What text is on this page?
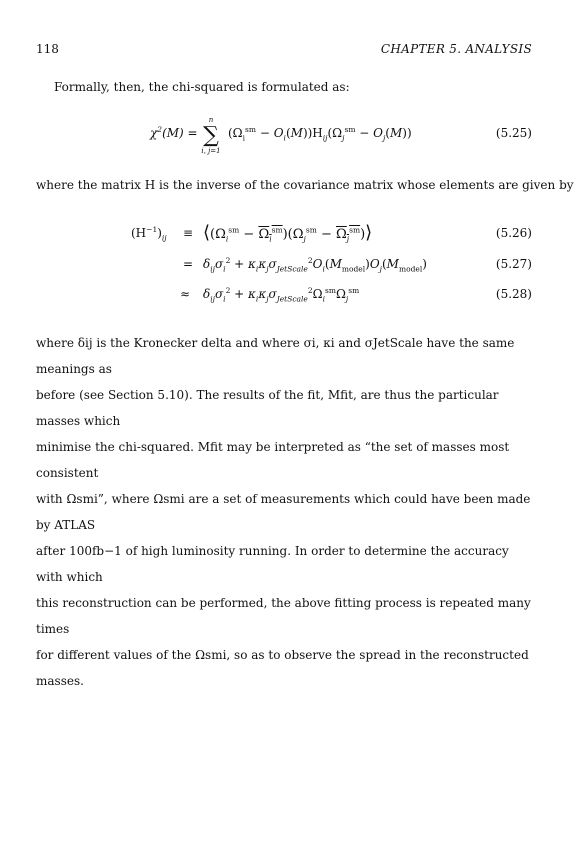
118	CHAPTER 5. ANALYSIS
Formally, then, the chi-squared is formulated as:
$\chi^2(M)$ =
n
∑
i, j=1
$(\Omega_i^{sm} - O_i(M))H_{ij}(\Omega_j^{sm} - O_j(M))$	(5.25)
where the matrix H is the inverse of the covariance matrix whose elements are given by
$(H^{-1})_{ij}$ ≡ $⟨(\Omega_i^{sm} - \Omega_i^{sm})(\Omega_j^{sm}$ − $\Omega_j^{sm})⟩$	(5.26)
= $\delta_{ij}\sigma_i^2 + \kappa_i\kappa_j\sigma_{JetScale}^2O_i(M_{model})O_j(M_{model})$	(5.27)
≈ $\delta_{ij}\sigma_i^2 + \kappa_i\kappa_j\sigma_{JetScale}^2\Omega_i^{sm}\Omega_j^{sm}$	(5.28)
where δij is the Kronecker delta and where σi, κi and σJetScale have the same meanings as
before (see Section 5.10). The results of the fit, Mfit, are thus the particular masses which
minimise the chi-squared. Mfit may be interpreted as “the set of masses most consistent
with Ωsmi”, where Ωsmi are a set of measurements which could have been made by ATLAS
after 100fb−1 of high luminosity running. In order to determine the accuracy with which
this reconstruction can be performed, the above fitting process is repeated many times
for different values of the Ωsmi, so as to observe the spread in the reconstructed masses.
